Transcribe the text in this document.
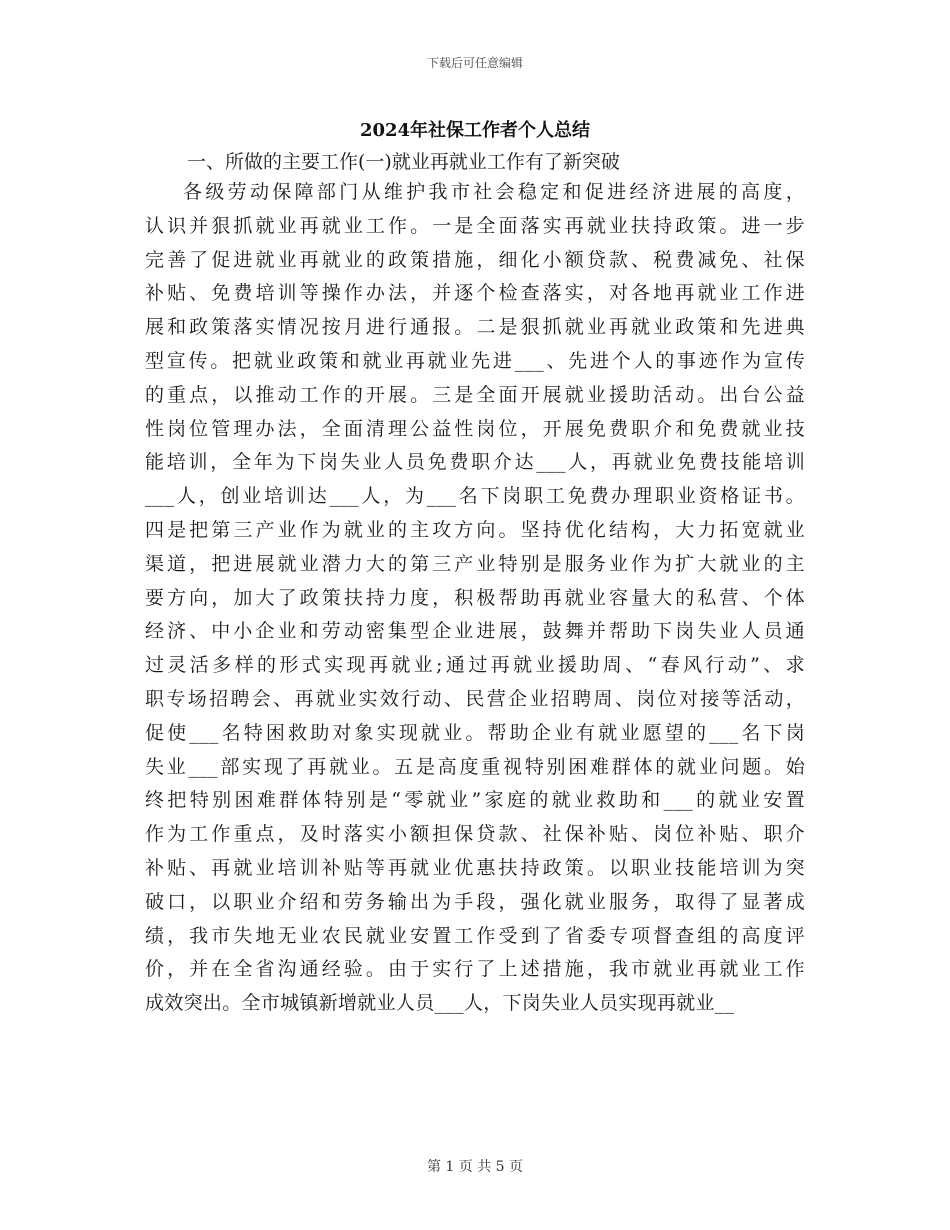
下载后可任意编辑
2024年社保工作者个人总结
一、所做的主要工作(一)就业再就业工作有了新突破
各级劳动保障部门从维护我市社会稳定和促进经济进展的高度，
认识并狠抓就业再就业工作。一是全面落实再就业扶持政策。进一步
完善了促进就业再就业的政策措施，细化小额贷款、税费减免、社保
补贴、免费培训等操作办法，并逐个检查落实，对各地再就业工作进
展和政策落实情况按月进行通报。二是狠抓就业再就业政策和先进典
型宣传。把就业政策和就业再就业先进___、先进个人的事迹作为宣传
的重点，以推动工作的开展。三是全面开展就业援助活动。出台公益
性岗位管理办法，全面清理公益性岗位，开展免费职介和免费就业技
能培训，全年为下岗失业人员免费职介达___人，再就业免费技能培训
___人，创业培训达___人，为___名下岗职工免费办理职业资格证书。
四是把第三产业作为就业的主攻方向。坚持优化结构，大力拓宽就业
渠道，把进展就业潜力大的第三产业特别是服务业作为扩大就业的主
要方向，加大了政策扶持力度，积极帮助再就业容量大的私营、个体
经济、中小企业和劳动密集型企业进展，鼓舞并帮助下岗失业人员通
过灵活多样的形式实现再就业;通过再就业援助周、“春风行动”、求
职专场招聘会、再就业实效行动、民营企业招聘周、岗位对接等活动，
促使___名特困救助对象实现就业。帮助企业有就业愿望的___名下岗
失业___部实现了再就业。五是高度重视特别困难群体的就业问题。始
终把特别困难群体特别是“零就业”家庭的就业救助和___的就业安置
作为工作重点，及时落实小额担保贷款、社保补贴、岗位补贴、职介
补贴、再就业培训补贴等再就业优惠扶持政策。以职业技能培训为突
破口，以职业介绍和劳务输出为手段，强化就业服务，取得了显著成
绩，我市失地无业农民就业安置工作受到了省委专项督查组的高度评
价，并在全省沟通经验。由于实行了上述措施，我市就业再就业工作
成效突出。全市城镇新增就业人员___人，下岗失业人员实现再就业__
第 1 页 共 5 页
